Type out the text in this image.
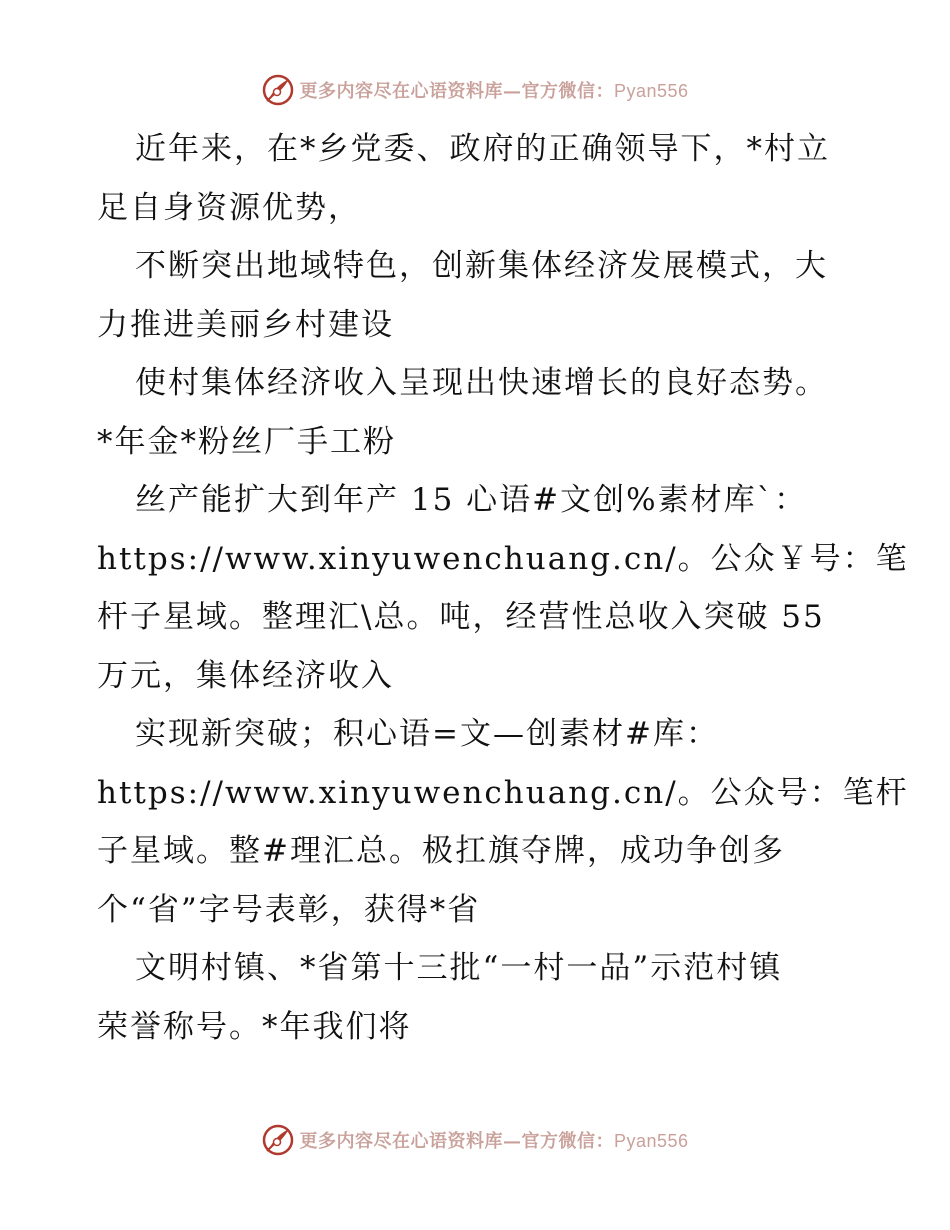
更多内容尽在心语资料库—官方微信：Pyan556
近年来，在*乡党委、政府的正确领导下，*村立
足自身资源优势，
不断突出地域特色，创新集体经济发展模式，大
力推进美丽乡村建设
使村集体经济收入呈现出快速增长的良好态势。
*年金*粉丝厂手工粉
丝产能扩大到年产 15 心语#文创%素材库`：
https://www.xinyuwenchuang.cn/。公众￥号：笔
杆子星域。整理汇\总。吨，经营性总收入突破 55
万元，集体经济收入
实现新突破；积心语=文—创素材#库：
https://www.xinyuwenchuang.cn/。公众号：笔杆
子星域。整#理汇总。极扛旗夺牌，成功争创多
个“省”字号表彰，获得*省
文明村镇、*省第十三批“一村一品”示范村镇
荣誉称号。*年我们将
更多内容尽在心语资料库—官方微信：Pyan556
